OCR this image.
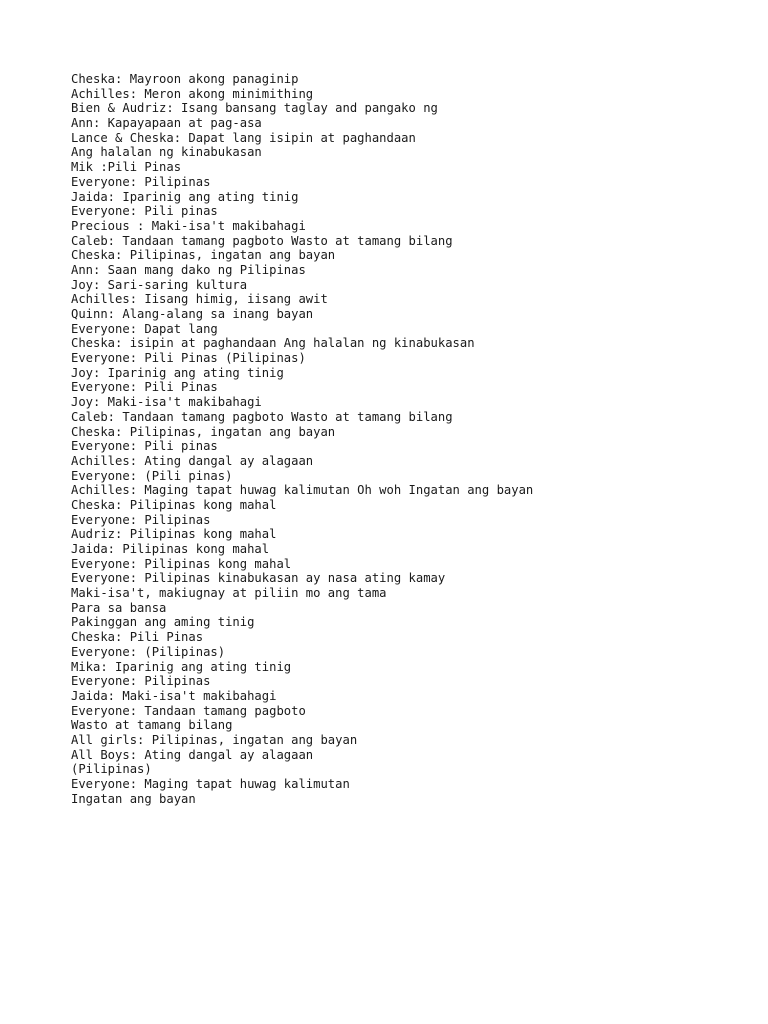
Cheska: Mayroon akong panaginip
Achilles: Meron akong minimithing
Bien & Audriz: Isang bansang taglay and pangako ng
Ann: Kapayapaan at pag-asa
Lance & Cheska: Dapat lang isipin at paghandaan
Ang halalan ng kinabukasan
Mik :Pili Pinas
Everyone: Pilipinas
Jaida: Iparinig ang ating tinig
Everyone: Pili pinas
Precious : Maki-isa't makibahagi
Caleb: Tandaan tamang pagboto Wasto at tamang bilang
Cheska: Pilipinas, ingatan ang bayan
Ann: Saan mang dako ng Pilipinas
Joy: Sari-saring kultura
Achilles: Iisang himig, iisang awit
Quinn: Alang-alang sa inang bayan
Everyone: Dapat lang
Cheska: isipin at paghandaan Ang halalan ng kinabukasan
Everyone: Pili Pinas (Pilipinas)
Joy: Iparinig ang ating tinig
Everyone: Pili Pinas
Joy: Maki-isa't makibahagi
Caleb: Tandaan tamang pagboto Wasto at tamang bilang
Cheska: Pilipinas, ingatan ang bayan
Everyone: Pili pinas
Achilles: Ating dangal ay alagaan
Everyone: (Pili pinas)
Achilles: Maging tapat huwag kalimutan Oh woh Ingatan ang bayan
Cheska: Pilipinas kong mahal
Everyone: Pilipinas
Audriz: Pilipinas kong mahal
Jaida: Pilipinas kong mahal
Everyone: Pilipinas kong mahal
Everyone: Pilipinas kinabukasan ay nasa ating kamay
Maki-isa't, makiugnay at piliin mo ang tama
Para sa bansa
Pakinggan ang aming tinig
Cheska: Pili Pinas
Everyone: (Pilipinas)
Mika: Iparinig ang ating tinig
Everyone: Pilipinas
Jaida: Maki-isa't makibahagi
Everyone: Tandaan tamang pagboto
Wasto at tamang bilang
All girls: Pilipinas, ingatan ang bayan
All Boys: Ating dangal ay alagaan
(Pilipinas)
Everyone: Maging tapat huwag kalimutan
Ingatan ang bayan
